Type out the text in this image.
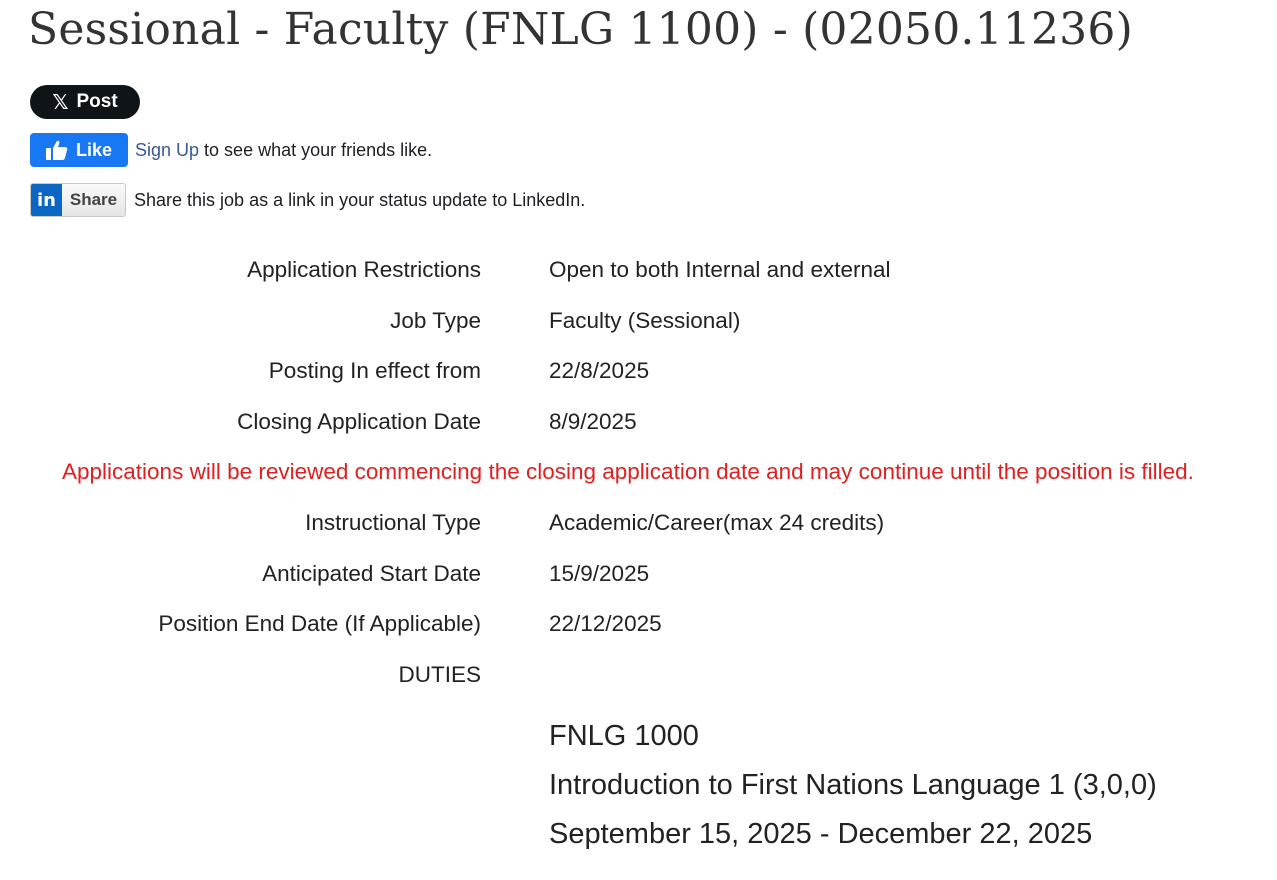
Sessional - Faculty (FNLG 1100) - (02050.11236)
𝕏 Post
Like Sign Up to see what your friends like.
in Share Share this job as a link in your status update to LinkedIn.
Application Restrictions	Open to both Internal and external
Job Type	Faculty (Sessional)
Posting In effect from	22/8/2025
Closing Application Date	8/9/2025
Applications will be reviewed commencing the closing application date and may continue until the position is filled.
Instructional Type	Academic/Career(max 24 credits)
Anticipated Start Date	15/9/2025
Position End Date (If Applicable)	22/12/2025
DUTIES
FNLG 1000
Introduction to First Nations Language 1 (3,0,0)
September 15, 2025 - December 22, 2025
